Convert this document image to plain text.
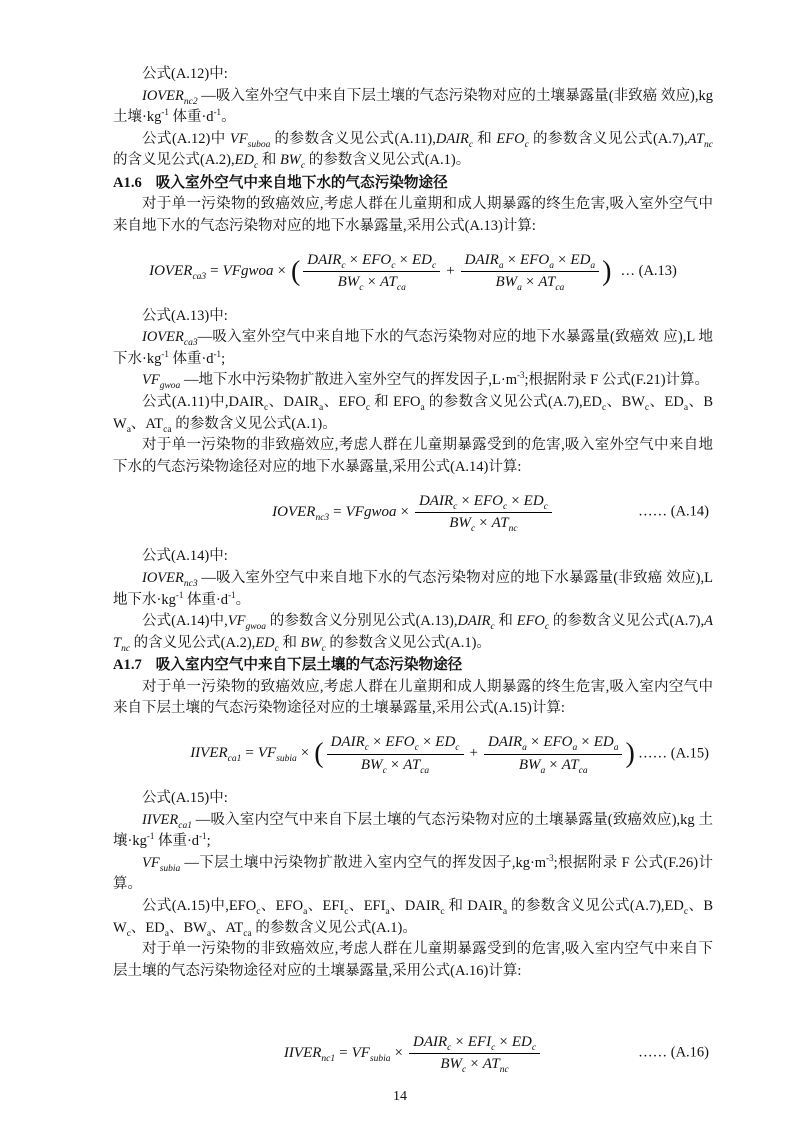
公式(A.12)中:

$IOVER_{nc2}$ —吸入室外空气中来自下层土壤的气态污染物对应的土壤暴露量(非致癌 效应),kg 土壤$\cdot kg^{-1}$ 体重$\cdot d^{-1}$。

公式(A.12)中 $VF_{suboa}$ 的参数含义见公式$(A.11),DAIR_c$ 和 $EFO_c$ 的参数含义见公式$(A.7),AT_{nc}$ 的含义见公式$(A.2),ED_c$ 和 $BW_c$ 的参数含义见公式(A.1)。

A1.6 吸入室外空气中来自地下水的气态污染物途径

对于单一污染物的致癌效应,考虑人群在儿童期和成人期暴露的终生危害,吸入室外空气中来自地下水的气态污染物对应的地下水暴露量,采用公式(A.13)计算:

$IOVER_{ca3}$ = VFgwoa × ( $\frac{DAIR_c \times EFO_c \times ED_c}{BW_c \times AT_{ca}} + \frac{DAIR_a \times EFO_a \times ED_a}{BW_a \times AT_{ca}}$ ) … (A.13)

公式(A.13)中:

$IOVER_{ca3}—$吸入室外空气中来自地下水的气态污染物对应的地下水暴露量(致癌效 应),L 地下水$\cdot kg^{-1}$ 体重$\cdot d^{-1}$;

$VF_{gwoa}$ —地下水中污染物扩散进入室外空气的挥发因子$,L\cdot m^{-3}$;根据附录 F 公式(F.21)计算。

公式(A.11)中$,DAIR_c$、$DAIR_a$、$EFO_c$ 和 $EFO_a$ 的参数含义见公式$(A.7),ED_c$、$BW_c$、$ED_a$、$BW_a$、$AT_{ca}$ 的参数含义见公式(A.1)。

对于单一污染物的非致癌效应,考虑人群在儿童期暴露受到的危害,吸入室外空气中来自地下水的气态污染物途径对应的地下水暴露量,采用公式(A.14)计算:

$IOVER_{nc3}$ = VFgwoa × $\frac{DAIR_c \times EFO_c \times ED_c}{BW_c \times AT_{nc}}$	…… (A.14)

公式(A.14)中:

$IOVER_{nc3}$ —吸入室外空气中来自地下水的气态污染物对应的地下水暴露量(非致癌 效应),L 地下水$\cdot kg^{-1}$ 体重$\cdot d^{-1}$。

公式(A.14)中$,VF_{gwoa}$ 的参数含义分别见公式$(A.13),DAIR_c$ 和 $EFO_c$ 的参数含义见公式$(A.7),AT_{nc}$ 的含义见公式$(A.2),ED_c$ 和 $BW_c$ 的参数含义见公式(A.1)。

A1.7 吸入室内空气中来自下层土壤的气态污染物途径

对于单一污染物的致癌效应,考虑人群在儿童期和成人期暴露的终生危害,吸入室内空气中来自下层土壤的气态污染物途径对应的土壤暴露量,采用公式(A.15)计算:

$IIVER_{ca1} = VF_{subia}$ × ( $\frac{DAIR_c \times EFO_c \times ED_c}{BW_c \times AT_{ca}} + \frac{DAIR_a \times EFO_a \times ED_a}{BW_a \times AT_{ca}}$ ) …… (A.15)

公式(A.15)中:

$IIVER_{ca1}$ —吸入室内空气中来自下层土壤的气态污染物对应的土壤暴露量(致癌效应),kg 土壤$\cdot kg^{-1}$ 体重$\cdot d^{-1}$;

$VF_{subia}$ —下层土壤中污染物扩散进入室内空气的挥发因子$,kg\cdot m^{-3}$;根据附录 F 公式(F.26)计算。

公式(A.15)中$,EFO_c$、$EFO_a$、$EFI_c$、$EFI_a$、$DAIR_c$ 和 $DAIR_a$ 的参数含义见公式$(A.7),ED_c$、$BW_c$、$ED_a$、$BW_a$、$AT_{ca}$ 的参数含义见公式(A.1)。

对于单一污染物的非致癌效应,考虑人群在儿童期暴露受到的危害,吸入室内空气中来自下层土壤的气态污染物途径对应的土壤暴露量,采用公式(A.16)计算:

$IIVER_{nc1} = VF_{subia} \times \frac{DAIR_c \times EFI_c \times ED_c}{BW_c \times AT_{nc}}$	…… (A.16)
14
